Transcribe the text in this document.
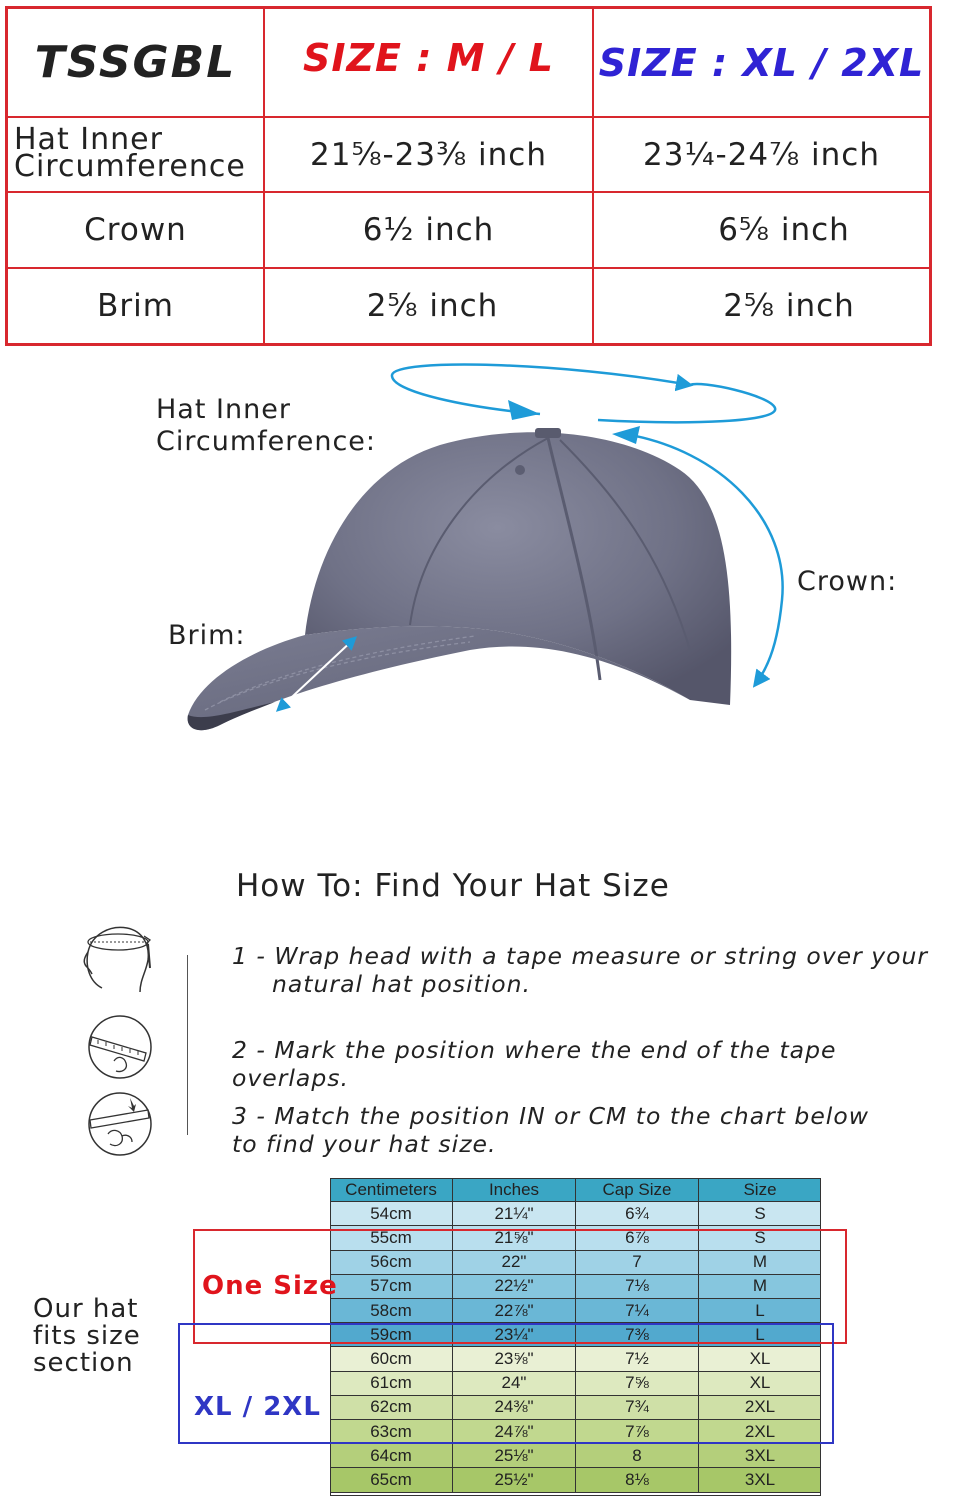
TSSGBL	SIZE : M / L	SIZE : XL / 2XL
Hat Inner
Circumference	21⅝-23⅜ inch	23¼-24⅞ inch
Crown	6½ inch	6⅝ inch
Brim	2⅝ inch	2⅝ inch
Hat Inner
Circumference:
Crown:
Brim:
How To: Find Your Hat Size
1 - Wrap head with a tape measure or string over your
natural hat position.
2 - Mark the position where the end of the tape overlaps.
3 - Match the position IN or CM to the chart below
to find your hat size.
Centimeters	Inches	Cap Size	Size
54cm	21¼"	6¾	S
55cm	21⅝"	6⅞	S
56cm	22"	7	M
57cm	22½"	7⅛	M
58cm	22⅞"	7¼	L
59cm	23¼"	7⅜	L
60cm	23⅝"	7½	XL
61cm	24"	7⅝	XL
62cm	24⅜"	7¾	2XL
63cm	24⅞"	7⅞	2XL
64cm	25⅛"	8	3XL
65cm	25½"	8⅛	3XL
One Size
XL / 2XL
Our hat
fits size
section
